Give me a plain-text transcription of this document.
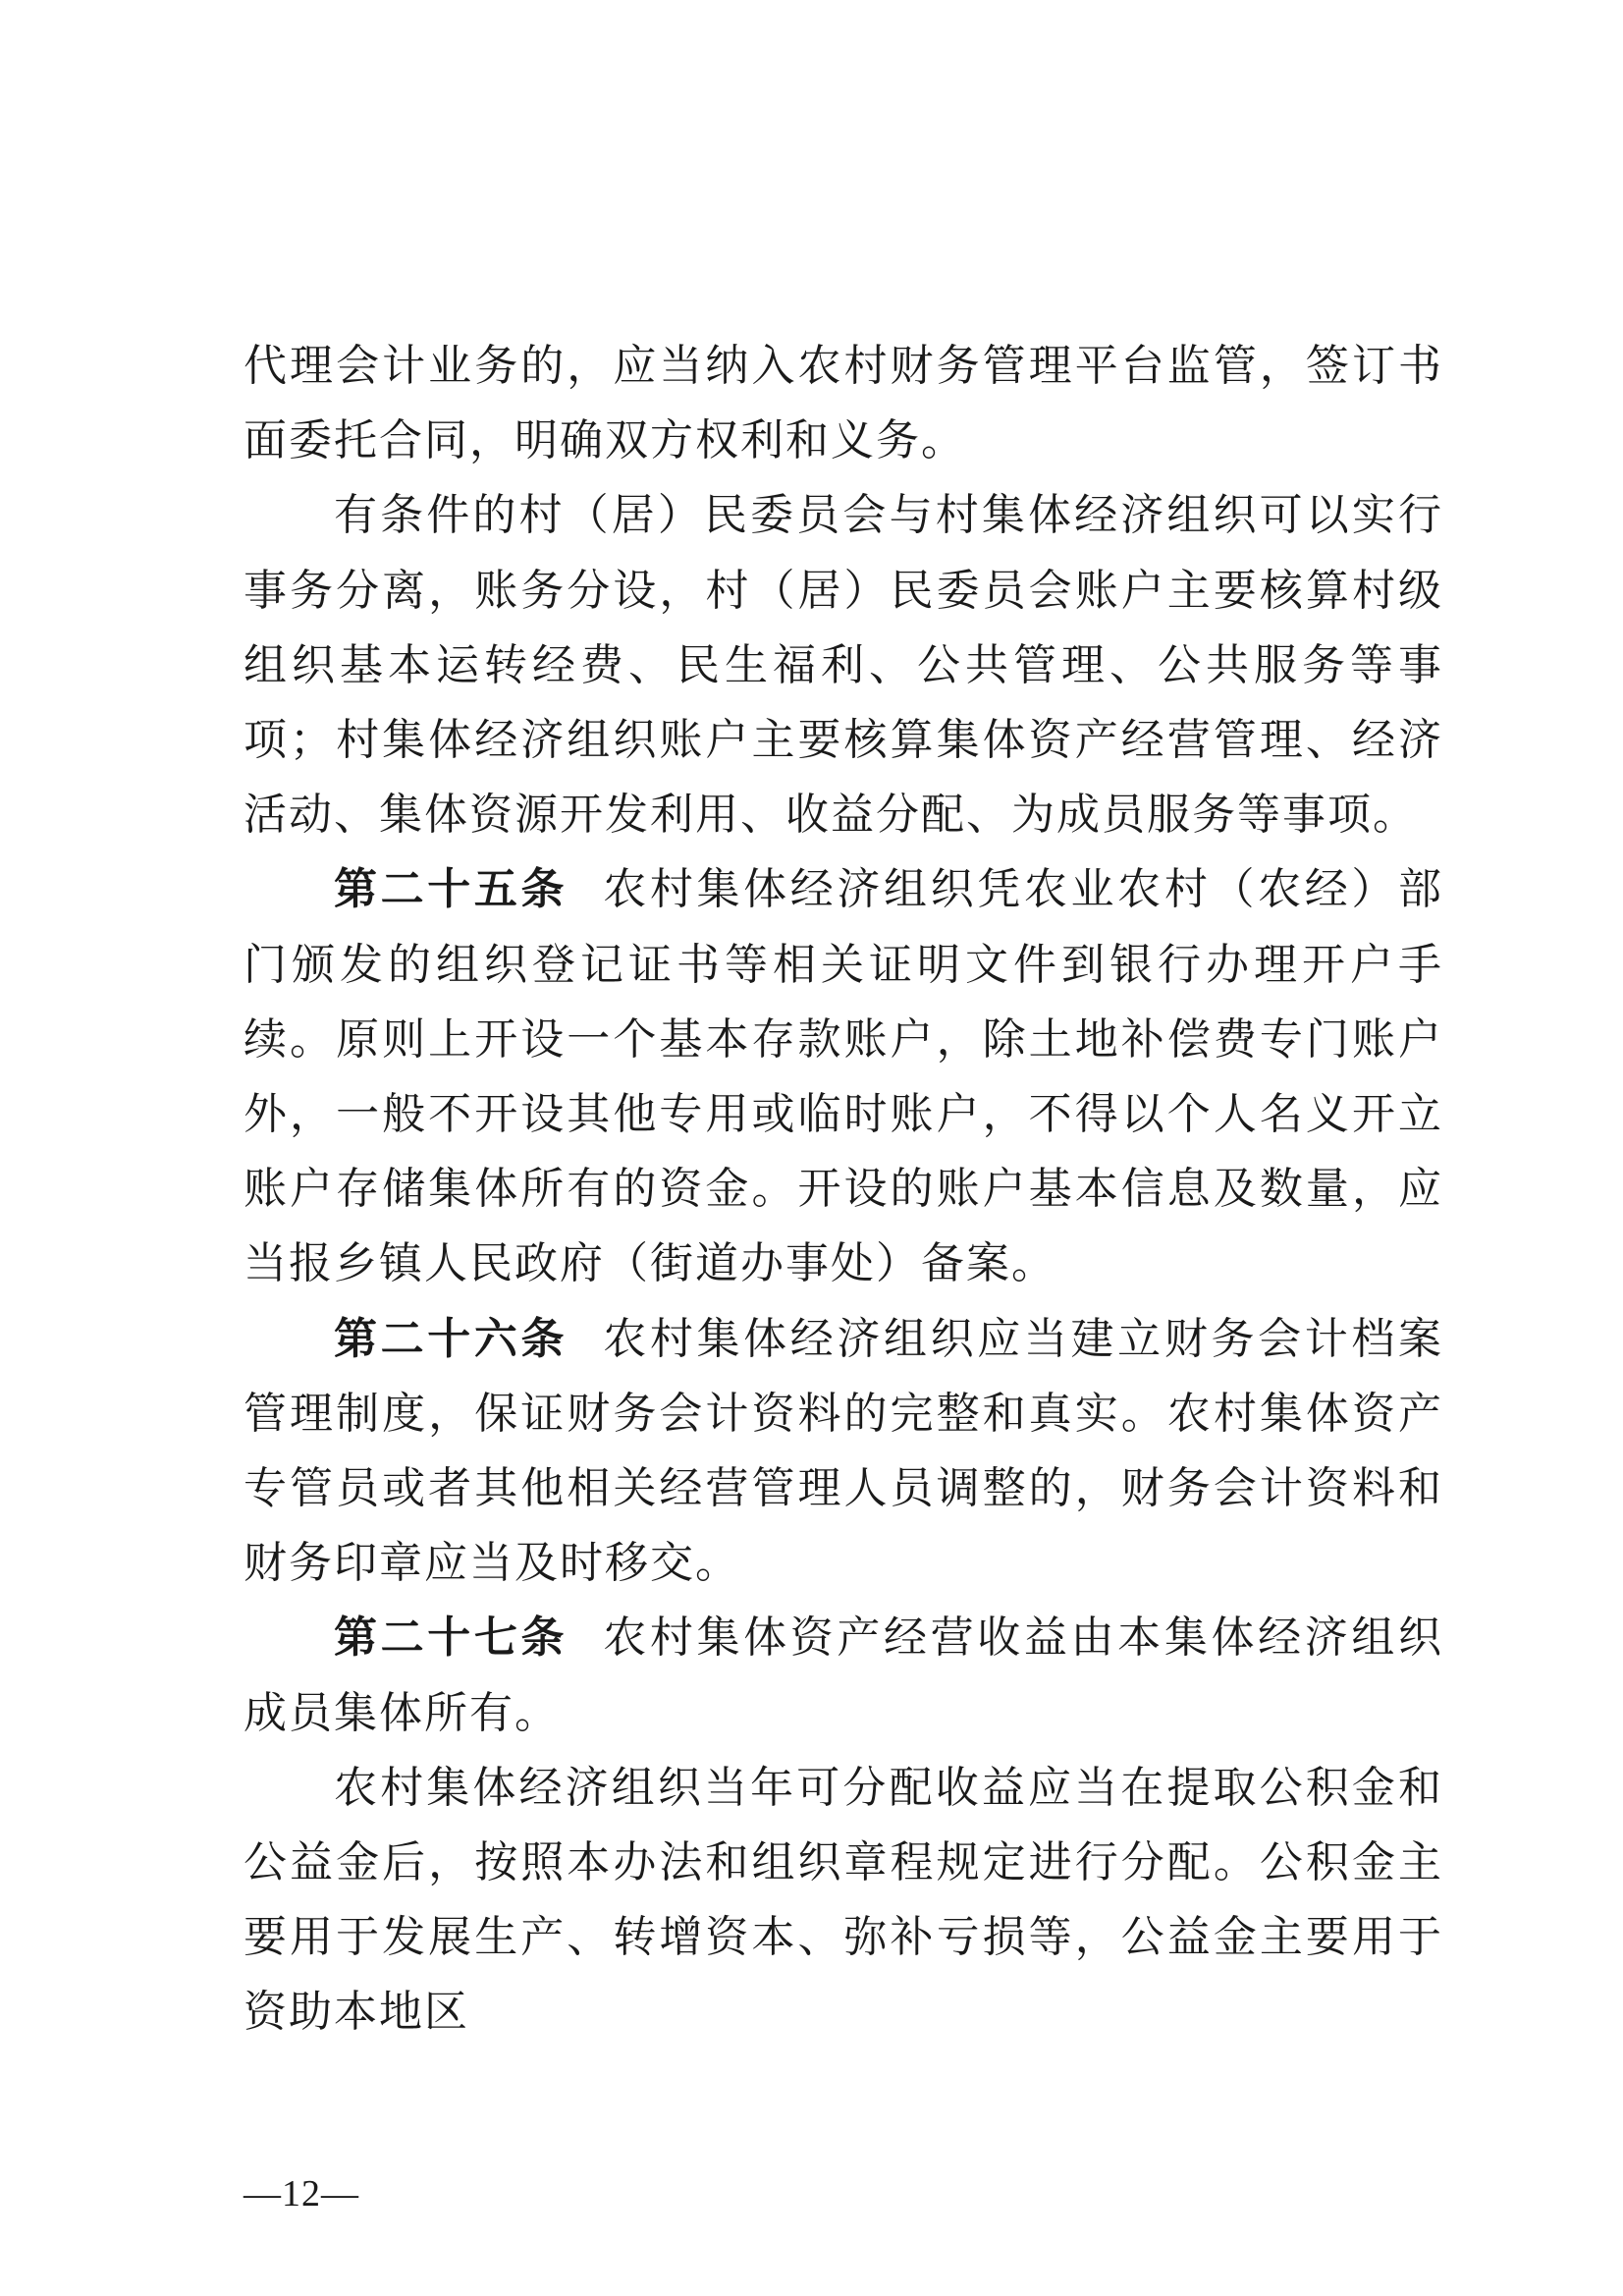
代理会计业务的，应当纳入农村财务管理平台监管，签订书面委托合同，明确双方权利和义务。

有条件的村（居）民委员会与村集体经济组织可以实行事务分离，账务分设，村（居）民委员会账户主要核算村级组织基本运转经费、民生福利、公共管理、公共服务等事项；村集体经济组织账户主要核算集体资产经营管理、经济活动、集体资源开发利用、收益分配、为成员服务等事项。

第二十五条 农村集体经济组织凭农业农村（农经）部门颁发的组织登记证书等相关证明文件到银行办理开户手续。原则上开设一个基本存款账户，除土地补偿费专门账户外，一般不开设其他专用或临时账户，不得以个人名义开立账户存储集体所有的资金。开设的账户基本信息及数量，应当报乡镇人民政府（街道办事处）备案。

第二十六条 农村集体经济组织应当建立财务会计档案管理制度，保证财务会计资料的完整和真实。农村集体资产专管员或者其他相关经营管理人员调整的，财务会计资料和财务印章应当及时移交。

第二十七条 农村集体资产经营收益由本集体经济组织成员集体所有。

农村集体经济组织当年可分配收益应当在提取公积金和公益金后，按照本办法和组织章程规定进行分配。公积金主要用于发展生产、转增资本、弥补亏损等，公益金主要用于资助本地区

—12—
